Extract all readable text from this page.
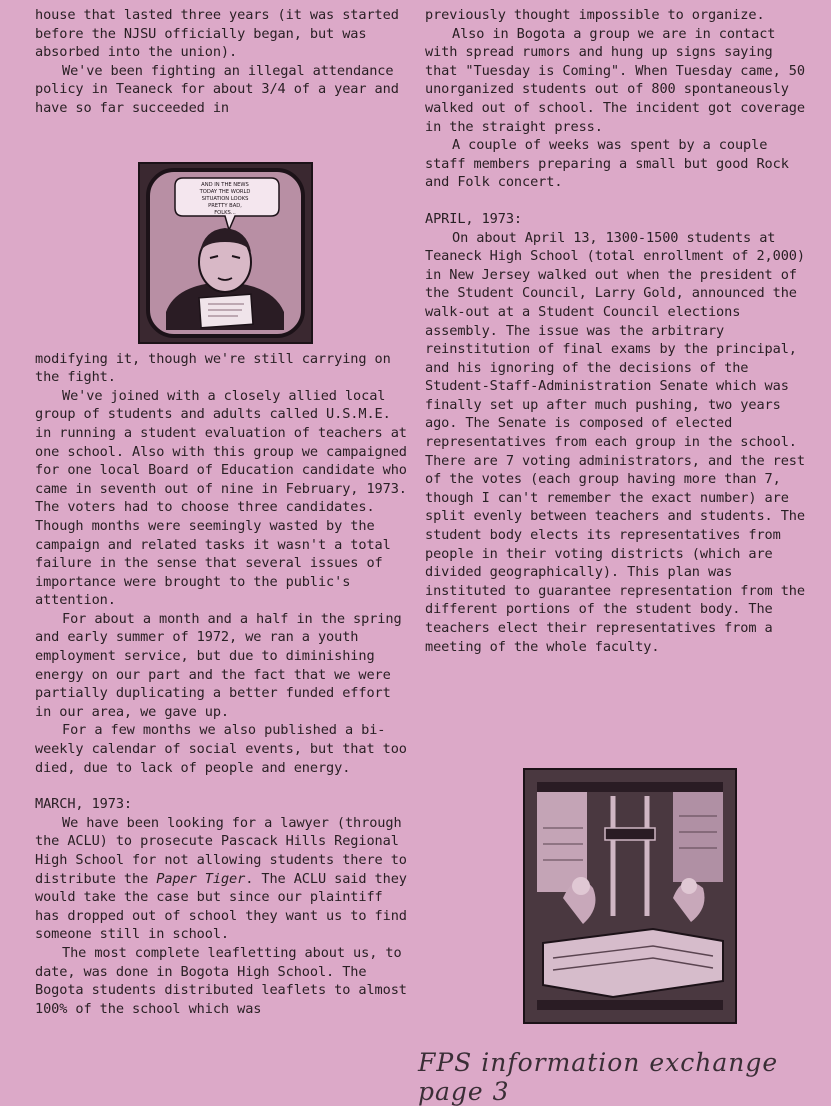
house that lasted three years (it was started before the NJSU officially began, but was absorbed into the union).

We've been fighting an illegal attendance policy in Teaneck for about 3/4 of a year and have so far succeeded in

modifying it, though we're still carrying on the fight.

We've joined with a closely allied local group of students and adults called U.S.M.E. in running a student evaluation of teachers at one school. Also with this group we campaigned for one local Board of Education candidate who came in seventh out of nine in February, 1973. The voters had to choose three candidates. Though months were seemingly wasted by the campaign and related tasks it wasn't a total failure in the sense that several issues of importance were brought to the public's attention.

For about a month and a half in the spring and early summer of 1972, we ran a youth employment service, but due to diminishing energy on our part and the fact that we were partially duplicating a better funded effort in our area, we gave up.

For a few months we also published a bi-weekly calendar of social events, but that too died, due to lack of people and energy.

MARCH, 1973:

We have been looking for a lawyer (through the ACLU) to prosecute Pascack Hills Regional High School for not allowing students there to distribute the Paper Tiger. The ACLU said they would take the case but since our plaintiff has dropped out of school they want us to find someone still in school.

The most complete leafletting about us, to date, was done in Bogota High School. The Bogota students distributed leaflets to almost 100% of the school which was

AND IN THE NEWS
TODAY THE WORLD
SITUATION LOOKS
PRETTY BAD,
FOLKS...

previously thought impossible to organize.

Also in Bogota a group we are in contact with spread rumors and hung up signs saying that "Tuesday is Coming". When Tuesday came, 50 unorganized students out of 800 spontaneously walked out of school. The incident got coverage in the straight press.

A couple of weeks was spent by a couple staff members preparing a small but good Rock and Folk concert.

APRIL, 1973:

On about April 13, 1300-1500 students at Teaneck High School (total enrollment of 2,000) in New Jersey walked out when the president of the Student Council, Larry Gold, announced the walk-out at a Student Council elections assembly. The issue was the arbitrary reinstitution of final exams by the principal, and his ignoring of the decisions of the Student-Staff-Administration Senate which was finally set up after much pushing, two years ago. The Senate is composed of elected representatives from each group in the school. There are 7 voting administrators, and the rest of the votes (each group having more than 7, though I can't remember the exact number) are split evenly between teachers and students. The student body elects its representatives from people in their voting districts (which are divided geographically). This plan was instituted to guarantee representation from the different portions of the student body. The teachers elect their representatives from a meeting of the whole faculty.

FPS information exchange page 3
